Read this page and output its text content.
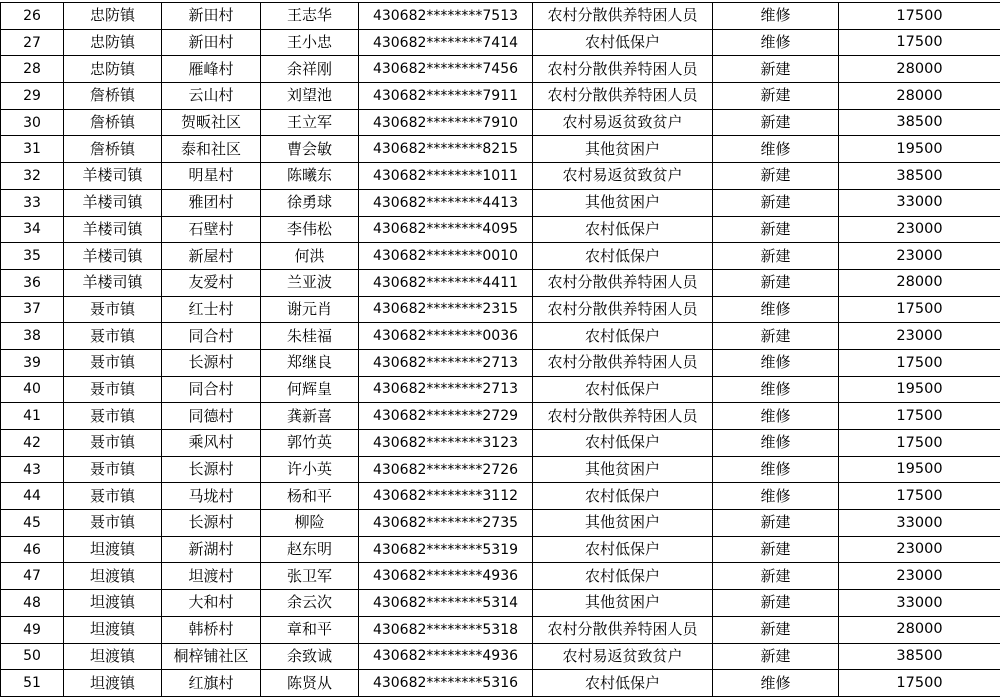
26	忠防镇	新田村	王志华	430682********7513	农村分散供养特困人员	维修	17500
27	忠防镇	新田村	王小忠	430682********7414	农村低保户	维修	17500
28	忠防镇	雁峰村	余祥刚	430682********7456	农村分散供养特困人员	新建	28000
29	詹桥镇	云山村	刘望池	430682********7911	农村分散供养特困人员	新建	28000
30	詹桥镇	贺畈社区	王立军	430682********7910	农村易返贫致贫户	新建	38500
31	詹桥镇	泰和社区	曹会敏	430682********8215	其他贫困户	维修	19500
32	羊楼司镇	明星村	陈曦东	430682********1011	农村易返贫致贫户	新建	38500
33	羊楼司镇	雅团村	徐勇球	430682********4413	其他贫困户	新建	33000
34	羊楼司镇	石壁村	李伟松	430682********4095	农村低保户	新建	23000
35	羊楼司镇	新屋村	何洪	430682********0010	农村低保户	新建	23000
36	羊楼司镇	友爱村	兰亚波	430682********4411	农村分散供养特困人员	新建	28000
37	聂市镇	红士村	谢元肖	430682********2315	农村分散供养特困人员	维修	17500
38	聂市镇	同合村	朱桂福	430682********0036	农村低保户	新建	23000
39	聂市镇	长源村	郑继良	430682********2713	农村分散供养特困人员	维修	17500
40	聂市镇	同合村	何辉皇	430682********2713	农村低保户	维修	19500
41	聂市镇	同德村	龚新喜	430682********2729	农村分散供养特困人员	维修	17500
42	聂市镇	乘风村	郭竹英	430682********3123	农村低保户	维修	17500
43	聂市镇	长源村	许小英	430682********2726	其他贫困户	维修	19500
44	聂市镇	马垅村	杨和平	430682********3112	农村低保户	维修	17500
45	聂市镇	长源村	柳险	430682********2735	其他贫困户	新建	33000
46	坦渡镇	新湖村	赵东明	430682********5319	农村低保户	新建	23000
47	坦渡镇	坦渡村	张卫军	430682********4936	农村低保户	新建	23000
48	坦渡镇	大和村	余云次	430682********5314	其他贫困户	新建	33000
49	坦渡镇	韩桥村	章和平	430682********5318	农村分散供养特困人员	新建	28000
50	坦渡镇	桐梓铺社区	余致诚	430682********4936	农村易返贫致贫户	新建	38500
51	坦渡镇	红旗村	陈贤从	430682********5316	农村低保户	维修	17500
